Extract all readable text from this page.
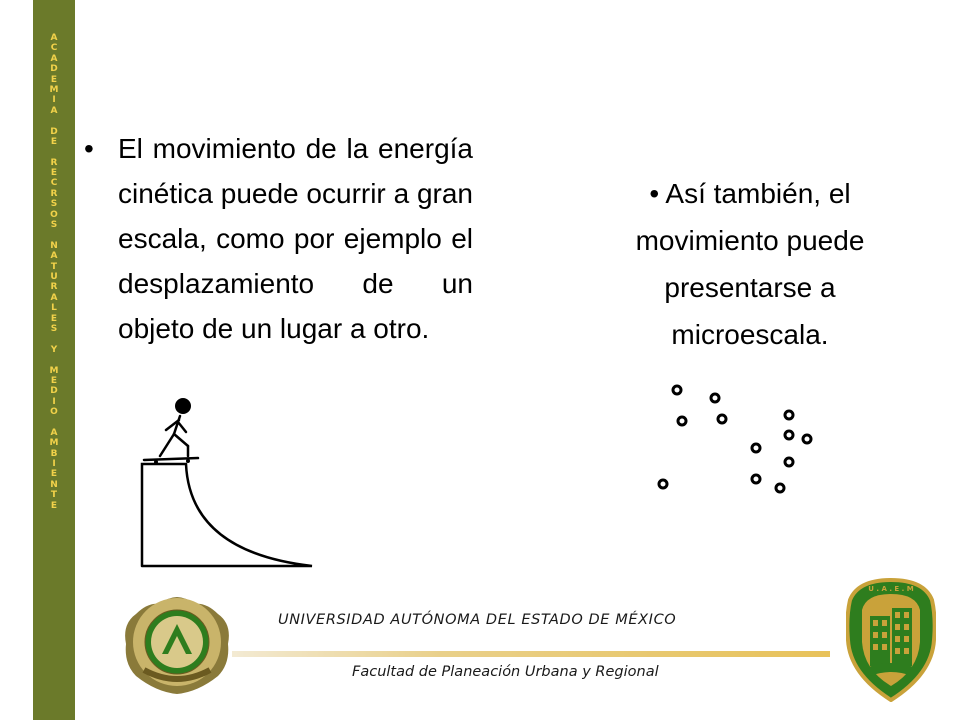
A
C
A
D
E
M
I
A
D
E
R
E
C
R
S
O
S
N
A
T
U
R
A
L
E
S
Y
M
E
D
I
O
A
M
B
I
E
N
T
E
• El movimiento de la energía cinética puede ocurrir a gran escala, como por ejemplo el desplazamiento de un objeto de un lugar a otro.
• Así también, el movimiento puede presentarse a microescala.
U . A . E . M
UNIVERSIDAD AUTÓNOMA DEL ESTADO DE MÉXICO
Facultad de Planeación Urbana y Regional
